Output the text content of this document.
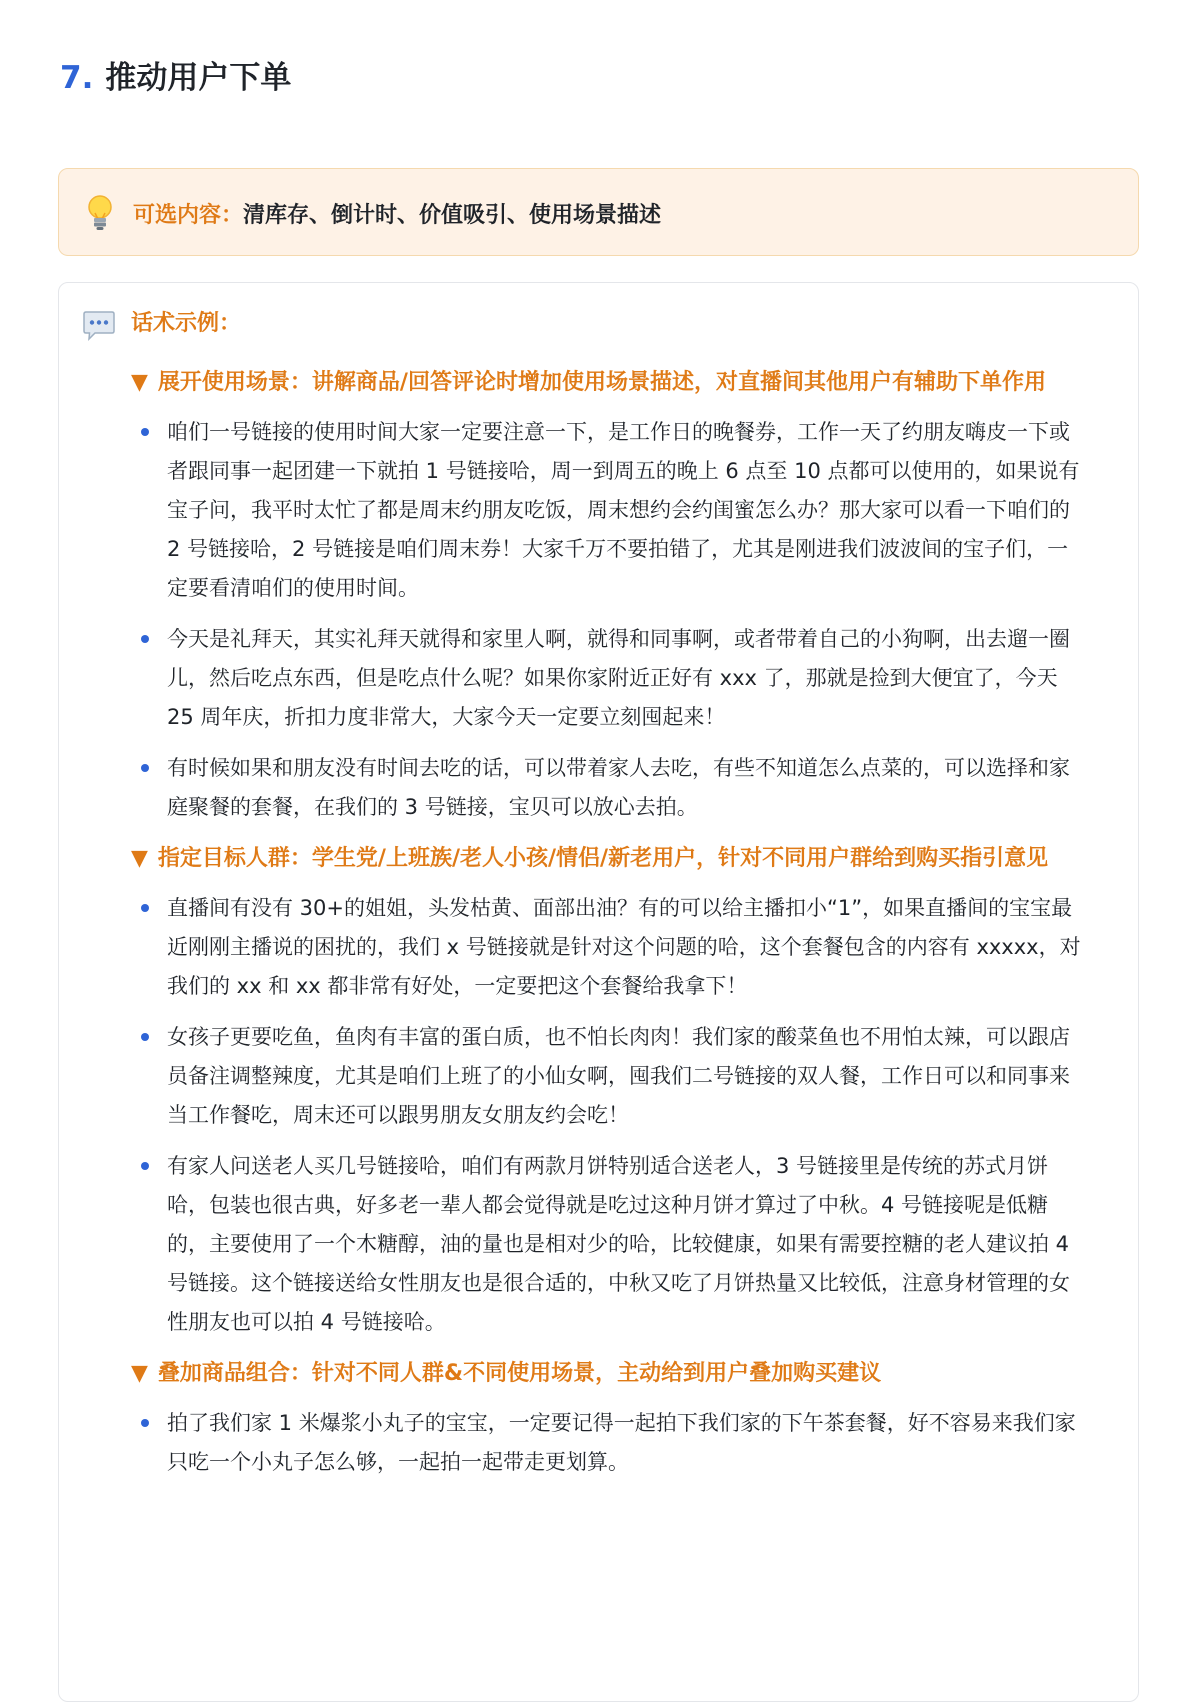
7. 推动用户下单
可选内容： 清库存、倒计时、价值吸引、使用场景描述
话术示例：
▼ 展开使用场景：讲解商品/回答评论时增加使用场景描述，对直播间其他用户有辅助下单作用
咱们一号链接的使用时间大家一定要注意一下，是工作日的晚餐券，工作一天了约朋友嗨皮一下或者跟同事一起团建一下就拍 1 号链接哈，周一到周五的晚上 6 点至 10 点都可以使用的，如果说有宝子问，我平时太忙了都是周末约朋友吃饭，周末想约会约闺蜜怎么办？那大家可以看一下咱们的 2 号链接哈，2 号链接是咱们周末券！大家千万不要拍错了，尤其是刚进我们波波间的宝子们，一定要看清咱们的使用时间。
今天是礼拜天，其实礼拜天就得和家里人啊，就得和同事啊，或者带着自己的小狗啊，出去遛一圈儿，然后吃点东西，但是吃点什么呢？如果你家附近正好有 xxx 了，那就是捡到大便宜了，今天 25 周年庆，折扣力度非常大，大家今天一定要立刻囤起来！
有时候如果和朋友没有时间去吃的话，可以带着家人去吃，有些不知道怎么点菜的，可以选择和家庭聚餐的套餐，在我们的 3 号链接，宝贝可以放心去拍。
▼ 指定目标人群：学生党/上班族/老人小孩/情侣/新老用户，针对不同用户群给到购买指引意见
直播间有没有 30+的姐姐，头发枯黄、面部出油？有的可以给主播扣小“1”，如果直播间的宝宝最近刚刚主播说的困扰的，我们 x 号链接就是针对这个问题的哈，这个套餐包含的内容有 xxxxx，对我们的 xx 和 xx 都非常有好处，一定要把这个套餐给我拿下！
女孩子更要吃鱼，鱼肉有丰富的蛋白质，也不怕长肉肉！我们家的酸菜鱼也不用怕太辣，可以跟店员备注调整辣度，尤其是咱们上班了的小仙女啊，囤我们二号链接的双人餐，工作日可以和同事来当工作餐吃，周末还可以跟男朋友女朋友约会吃！
有家人问送老人买几号链接哈，咱们有两款月饼特别适合送老人，3 号链接里是传统的苏式月饼哈，包装也很古典，好多老一辈人都会觉得就是吃过这种月饼才算过了中秋。4 号链接呢是低糖的，主要使用了一个木糖醇，油的量也是相对少的哈，比较健康，如果有需要控糖的老人建议拍 4 号链接。这个链接送给女性朋友也是很合适的，中秋又吃了月饼热量又比较低，注意身材管理的女性朋友也可以拍 4 号链接哈。
▼ 叠加商品组合：针对不同人群&不同使用场景，主动给到用户叠加购买建议
拍了我们家 1 米爆浆小丸子的宝宝，一定要记得一起拍下我们家的下午茶套餐，好不容易来我们家只吃一个小丸子怎么够，一起拍一起带走更划算。
